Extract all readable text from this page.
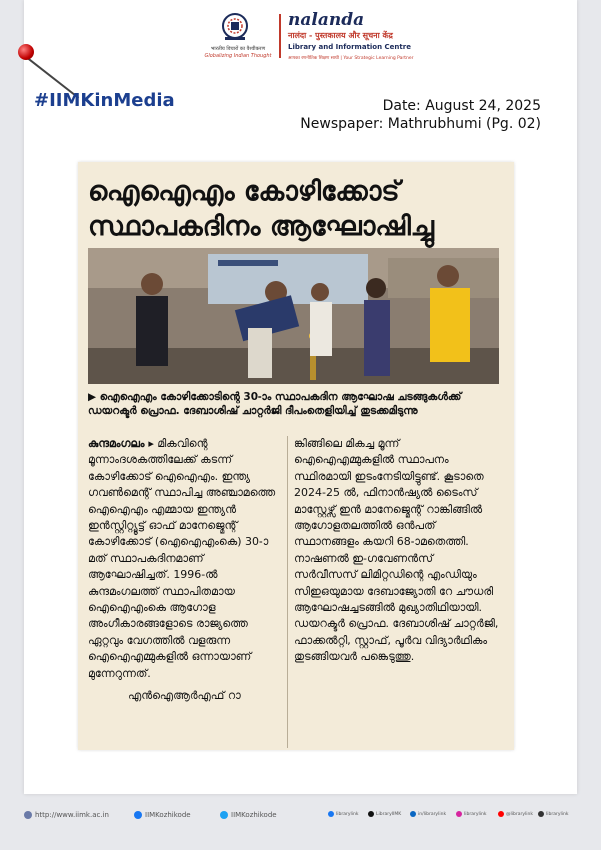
भारतीय विचारों का वैश्वीकरण
Globalizing Indian Thought
nalanda
नालंदा - पुस्तकालय और सूचना केंद्र
Library and Information Centre
आपका रणनीतिक शिक्षण साथी | Your Strategic Learning Partner
#IIMKinMedia	Date: August 24, 2025
Newspaper: Mathrubhumi (Pg. 02)
ഐഐഎം കോഴിക്കോട്
സ്ഥാപകദിനം ആഘോഷിച്ചു
▶ ഐഐഎം കോഴിക്കോടിന്റെ 30-ാം സ്ഥാപകദിന ആഘോഷ ചടങ്ങുകൾക്ക് ഡയറക്ടർ പ്രൊഫ. ദേബാശിഷ് ചാറ്റർജി ദീപംതെളിയിച്ച് തുടക്കമിടുന്നു
കുന്ദമംഗലം ▸ മികവിന്റെ മൂന്നാംദശകത്തിലേക്ക് കടന്ന് കോഴിക്കോട് ഐഐഎം. ഇന്ത്യ ഗവൺമെന്റ് സ്ഥാപിച്ച അഞ്ചാമത്തെ ഐഐഎം എമ്മായ ഇന്ത്യൻ ഇൻസ്റ്റിറ്റ്യൂട്ട് ഓഫ് മാനേജ്മെന്റ് കോഴിക്കോട് (ഐഐഎംകെ) 30-ാമത് സ്ഥാപകദിനമാണ് ആഘോഷിച്ചത്. 1996-ൽ കുന്ദമംഗലത്ത് സ്ഥാപിതമായ ഐഐഎംകെ ആഗോള അംഗീകാരങ്ങളോടെ രാജ്യത്തെ ഏറ്റവും വേഗത്തിൽ വളരുന്ന ഐഐഎമ്മുകളിൽ ഒന്നായാണ് മുന്നേറുന്നത്.
എൻഐആർഎഫ് റാ
ങ്കിങ്ങിലെ മികച്ച മൂന്ന് ഐഐഎമ്മുകളിൽ സ്ഥാപനം സ്ഥിരമായി ഇടംനേടിയിട്ടുണ്ട്. കൂടാതെ 2024-25 ൽ, ഫിനാൻഷ്യൽ ടൈംസ് മാസ്റ്റേഴ്സ് ഇൻ മാനേജ്മെന്റ് റാങ്കിങ്ങിൽ ആഗോളതലത്തിൽ ഒൻപത് സ്ഥാനങ്ങളം കയറി 68-ാമതെത്തി. നാഷണൽ ഇ-ഗവേണൻസ് സർവീസസ് ലിമിറ്റഡിന്റെ എംഡിയും സിഇഒയുമായ ദേബാജ്യോതി റേ ചൗധരി ആഘോഷച്ചടങ്ങിൽ മുഖ്യാതിഥിയായി. ഡയറക്ടർ പ്രൊഫ. ദേബാശിഷ് ചാറ്റർജി, ഫാക്കൽറ്റി, സ്റ്റാഫ്, പൂർവ വിദ്യാർഥികം തുടങ്ങിയവർ പങ്കെടുത്തു.
http://www.iimk.ac.in	IIMKozhikode	IIMKozhikode	librarylink	LibraryIIMK	in/librarylink	librarylink	@librarylink	librarylink
